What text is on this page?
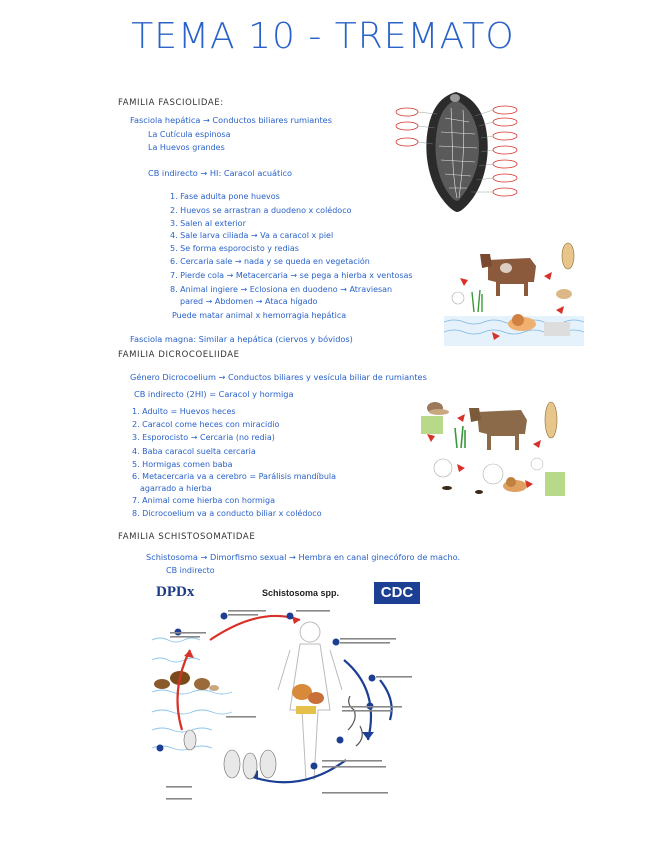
TEMA 10 - TREMATO
FAMILIA FASCIOLIDAE:
Fasciola hepática → Conductos biliares rumiantes
La Cutícula espinosa
La Huevos grandes
CB indirecto → HI: Caracol acuático
1. Fase adulta pone huevos
2. Huevos se arrastran a duodeno x colédoco
3. Salen al exterior
4. Sale larva ciliada → Va a caracol x piel
5. Se forma esporocisto y redias
6. Cercaria sale → nada y se queda en vegetación
7. Pierde cola → Metacercaria → se pega a hierba x ventosas
8. Animal ingiere → Eclosiona en duodeno → Atraviesan
pared → Abdomen → Ataca hígado
Puede matar animal x hemorragia hepática
Fasciola magna: Similar a hepática (ciervos y bóvidos)
FAMILIA DICROCOELIIDAE
Género Dicrocoelium → Conductos biliares y vesícula biliar de rumiantes
CB indirecto (2HI) = Caracol y hormiga
1. Adulto = Huevos heces
2. Caracol come heces con miracidio
3. Esporocisto → Cercaria (no redia)
4. Baba caracol suelta cercaria
5. Hormigas comen baba
6. Metacercaria va a cerebro = Parálisis mandíbula
agarrado a hierba
7. Animal come hierba con hormiga
8. Dicrocoelium va a conducto biliar x colédoco
FAMILIA SCHISTOSOMATIDAE
Schistosoma → Dimorfismo sexual → Hembra en canal ginecóforo de macho.
CB indirecto
DPDx	Schistosoma spp.	CDC
